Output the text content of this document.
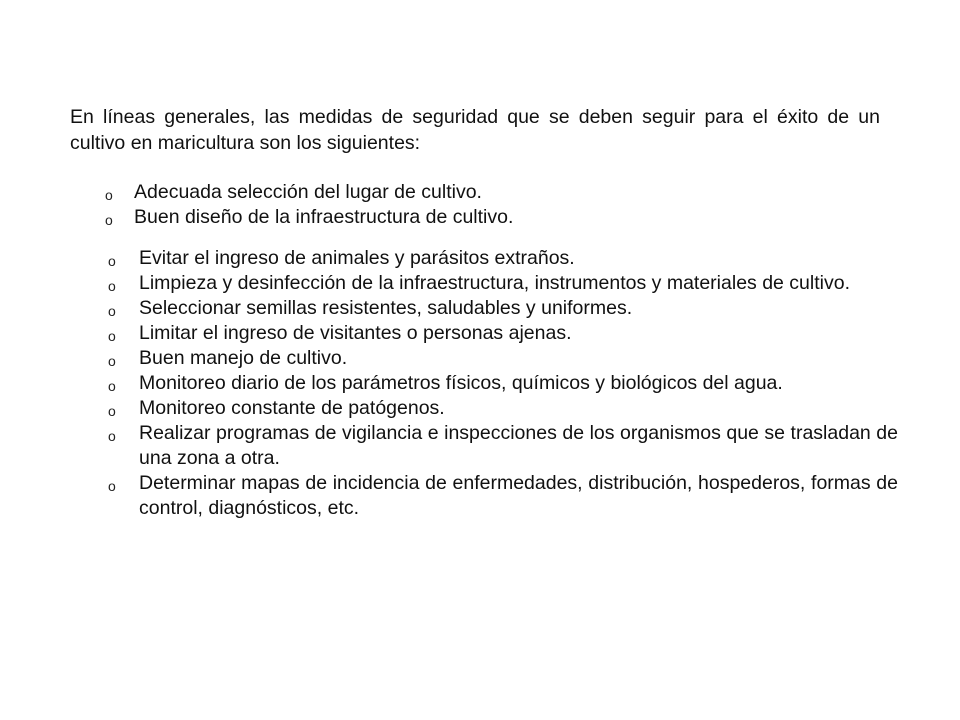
En líneas generales, las medidas de seguridad que se deben seguir para el éxito de un cultivo en maricultura son los siguientes:

o Adecuada selección del lugar de cultivo.
o Buen diseño de la infraestructura de cultivo.
o Evitar el ingreso de animales y parásitos extraños.
o Limpieza y desinfección de la infraestructura, instrumentos y materiales de cultivo.
o Seleccionar semillas resistentes, saludables y uniformes.
o Limitar el ingreso de visitantes o personas ajenas.
o Buen manejo de cultivo.
o Monitoreo diario de los parámetros físicos, químicos y biológicos del agua.
o Monitoreo constante de patógenos.
o Realizar programas de vigilancia e inspecciones de los organismos que se trasladan de una zona a otra.
o Determinar mapas de incidencia de enfermedades, distribución, hospederos, formas de control, diagnósticos, etc.
